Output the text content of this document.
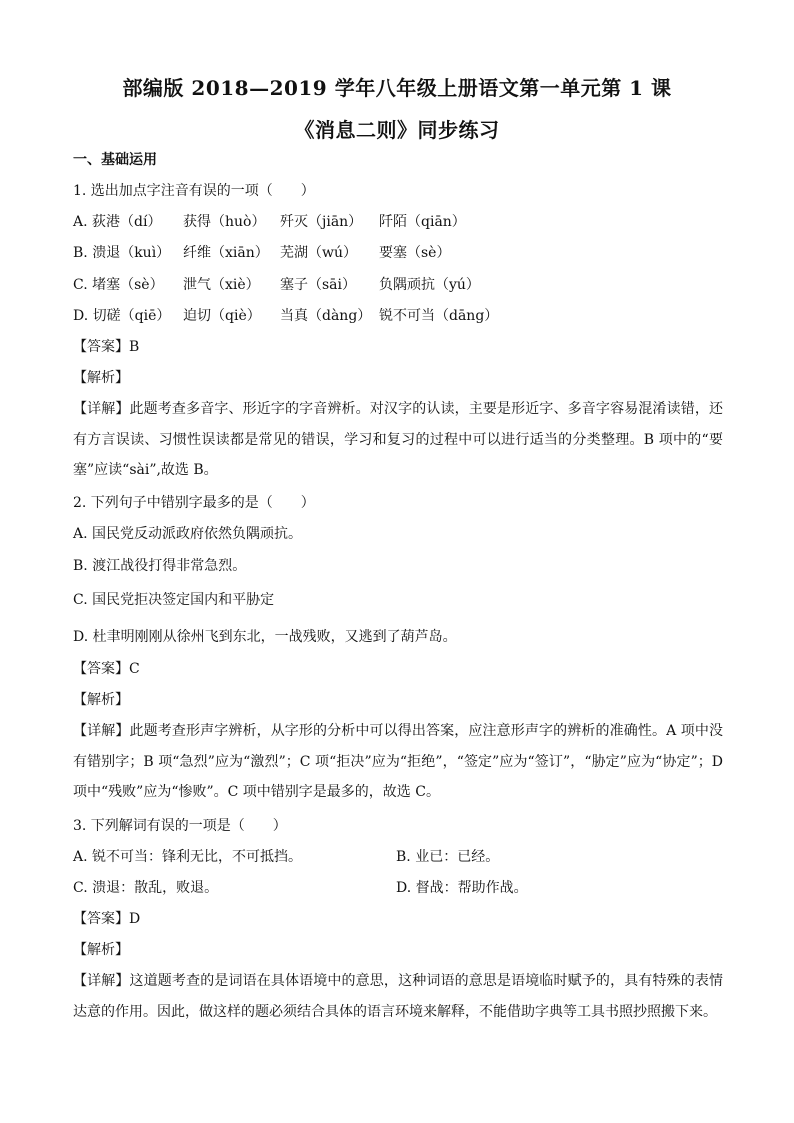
部编版 2018—2019 学年八年级上册语文第一单元第 1 课
《消息二则》同步练习
一、基础运用
1. 选出加点字注音有误的一项（　　）
A. 荻港（dí） 获得（huò） 歼灭（jiān） 阡陌（qiān）
B. 溃退（kuì） 纤维（xiān） 芜湖（wú） 要塞（sè）
C. 堵塞（sè） 泄气（xiè） 塞子（sāi） 负隅顽抗（yú）
D. 切磋（qiē） 迫切（qiè） 当真（dàng） 锐不可当（dāng）
【答案】B
【解析】
【详解】此题考查多音字、形近字的字音辨析。对汉字的认读，主要是形近字、多音字容易混淆读错，还有方言误读、习惯性误读都是常见的错误，学习和复习的过程中可以进行适当的分类整理。B 项中的“要塞”应读“sài”,故选 B。
2. 下列句子中错别字最多的是（　　）
A. 国民党反动派政府依然负隅顽抗。
B. 渡江战役打得非常急烈。
C. 国民党拒决签定国内和平胁定
D. 杜聿明刚刚从徐州飞到东北，一战残败，又逃到了葫芦岛。
【答案】C
【解析】
【详解】此题考查形声字辨析，从字形的分析中可以得出答案，应注意形声字的辨析的准确性。A 项中没有错别字；B 项“急烈”应为“激烈”；C 项“拒决”应为“拒绝”，“签定”应为“签订”，“胁定”应为“协定”；D 项中“残败”应为“惨败”。C 项中错别字是最多的，故选 C。
3. 下列解词有误的一项是（　　）
A. 锐不可当：锋利无比，不可抵挡。	B. 业已：已经。
C. 溃退：散乱，败退。	D. 督战：帮助作战。
【答案】D
【解析】
【详解】这道题考查的是词语在具体语境中的意思，这种词语的意思是语境临时赋予的，具有特殊的表情达意的作用。因此，做这样的题必须结合具体的语言环境来解释，不能借助字典等工具书照抄照搬下来。
